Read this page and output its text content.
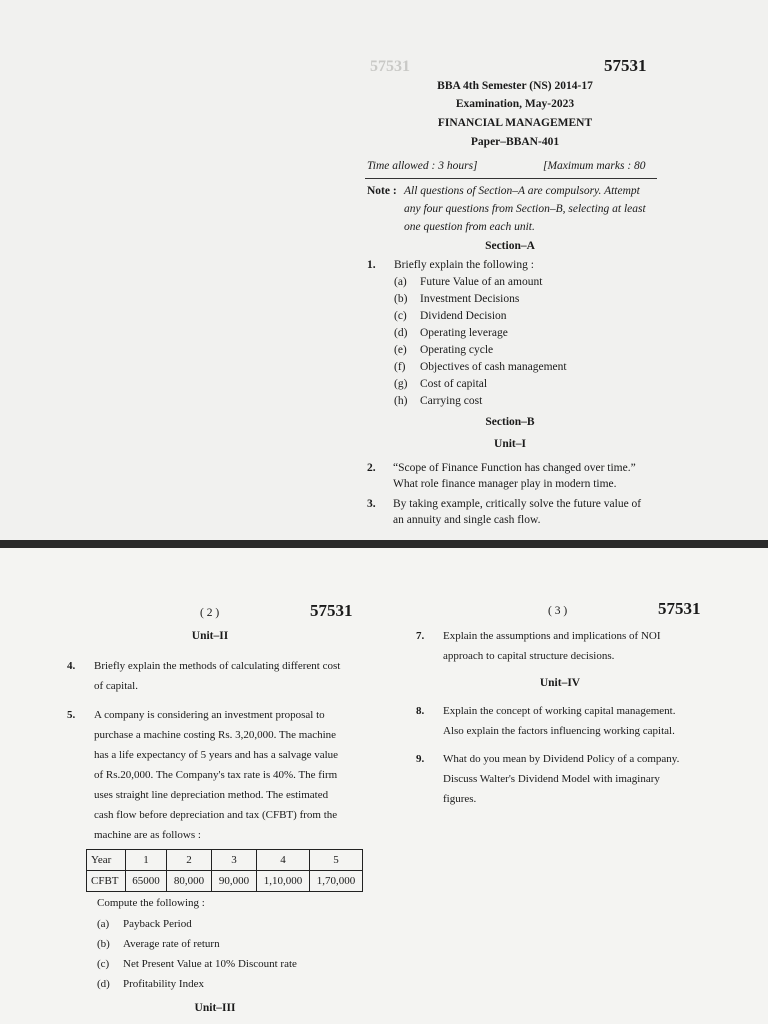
57531	57531
BBA 4th Semester (NS) 2014-17
Examination, May-2023
FINANCIAL MANAGEMENT
Paper–BBAN-401
Time allowed : 3 hours]	[Maximum marks : 80
Note : All questions of Section–A are compulsory. Attempt
any four questions from Section–B, selecting at least
one question from each unit.
Section–A
1. Briefly explain the following :
(a) Future Value of an amount
(b) Investment Decisions
(c) Dividend Decision
(d) Operating leverage
(e) Operating cycle
(f) Objectives of cash management
(g) Cost of capital
(h) Carrying cost
Section–B
Unit–I
2. “Scope of Finance Function has changed over time.”
What role finance manager play in modern time.
3. By taking example, critically solve the future value of
an annuity and single cash flow.
( 2 )	57531
Unit–II
4. Briefly explain the methods of calculating different cost
of capital.
5. A company is considering an investment proposal to
purchase a machine costing Rs. 3,20,000. The machine
has a life expectancy of 5 years and has a salvage value
of Rs.20,000. The Company's tax rate is 40%. The firm
uses straight line depreciation method. The estimated
cash flow before depreciation and tax (CFBT) from the
machine are as follows :
Year	1	2	3	4	5
CFBT	65000	80,000	90,000	1,10,000	1,70,000
Compute the following :
(a) Payback Period
(b) Average rate of return
(c) Net Present Value at 10% Discount rate
(d) Profitability Index
Unit–III
( 3 )	57531
7. Explain the assumptions and implications of NOI
approach to capital structure decisions.
Unit–IV
8. Explain the concept of working capital management.
Also explain the factors influencing working capital.
9. What do you mean by Dividend Policy of a company.
Discuss Walter's Dividend Model with imaginary
figures.
